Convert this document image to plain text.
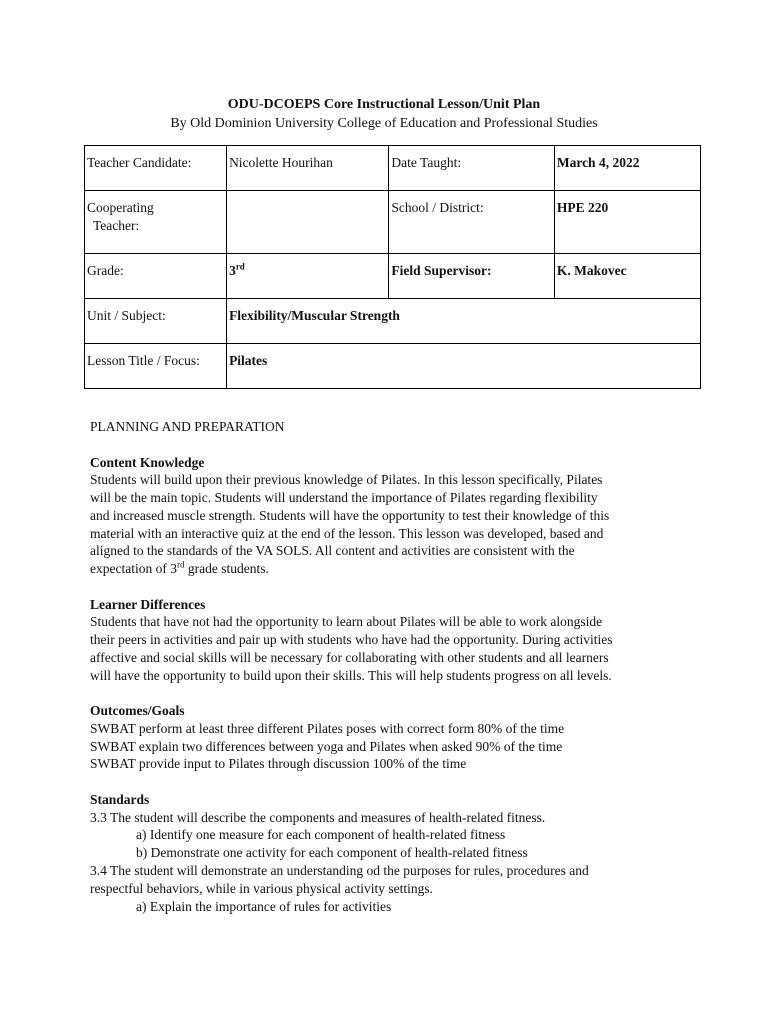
ODU-DCOEPS Core Instructional Lesson/Unit Plan
By Old Dominion University College of Education and Professional Studies
Teacher Candidate:	Nicolette Hourihan	Date Taught:	March 4, 2022
Cooperating
Teacher:		School / District:	HPE 220
Grade:	3rd	Field Supervisor:	K. Makovec
Unit / Subject:	Flexibility/Muscular Strength		
Lesson Title / Focus:	Pilates		

PLANNING AND PREPARATION

Content Knowledge

Students will build upon their previous knowledge of Pilates. In this lesson specifically, Pilates

will be the main topic. Students will understand the importance of Pilates regarding flexibility

and increased muscle strength. Students will have the opportunity to test their knowledge of this

material with an interactive quiz at the end of the lesson. This lesson was developed, based and

aligned to the standards of the VA SOLS. All content and activities are consistent with the

expectation of 3rd grade students.

Learner Differences

Students that have not had the opportunity to learn about Pilates will be able to work alongside

their peers in activities and pair up with students who have had the opportunity. During activities

affective and social skills will be necessary for collaborating with other students and all learners

will have the opportunity to build upon their skills. This will help students progress on all levels.

Outcomes/Goals

SWBAT perform at least three different Pilates poses with correct form 80% of the time

SWBAT explain two differences between yoga and Pilates when asked 90% of the time

SWBAT provide input to Pilates through discussion 100% of the time

Standards

3.3 The student will describe the components and measures of health-related fitness.

a) Identify one measure for each component of health-related fitness

b) Demonstrate one activity for each component of health-related fitness

3.4 The student will demonstrate an understanding od the purposes for rules, procedures and

respectful behaviors, while in various physical activity settings.

a) Explain the importance of rules for activities
